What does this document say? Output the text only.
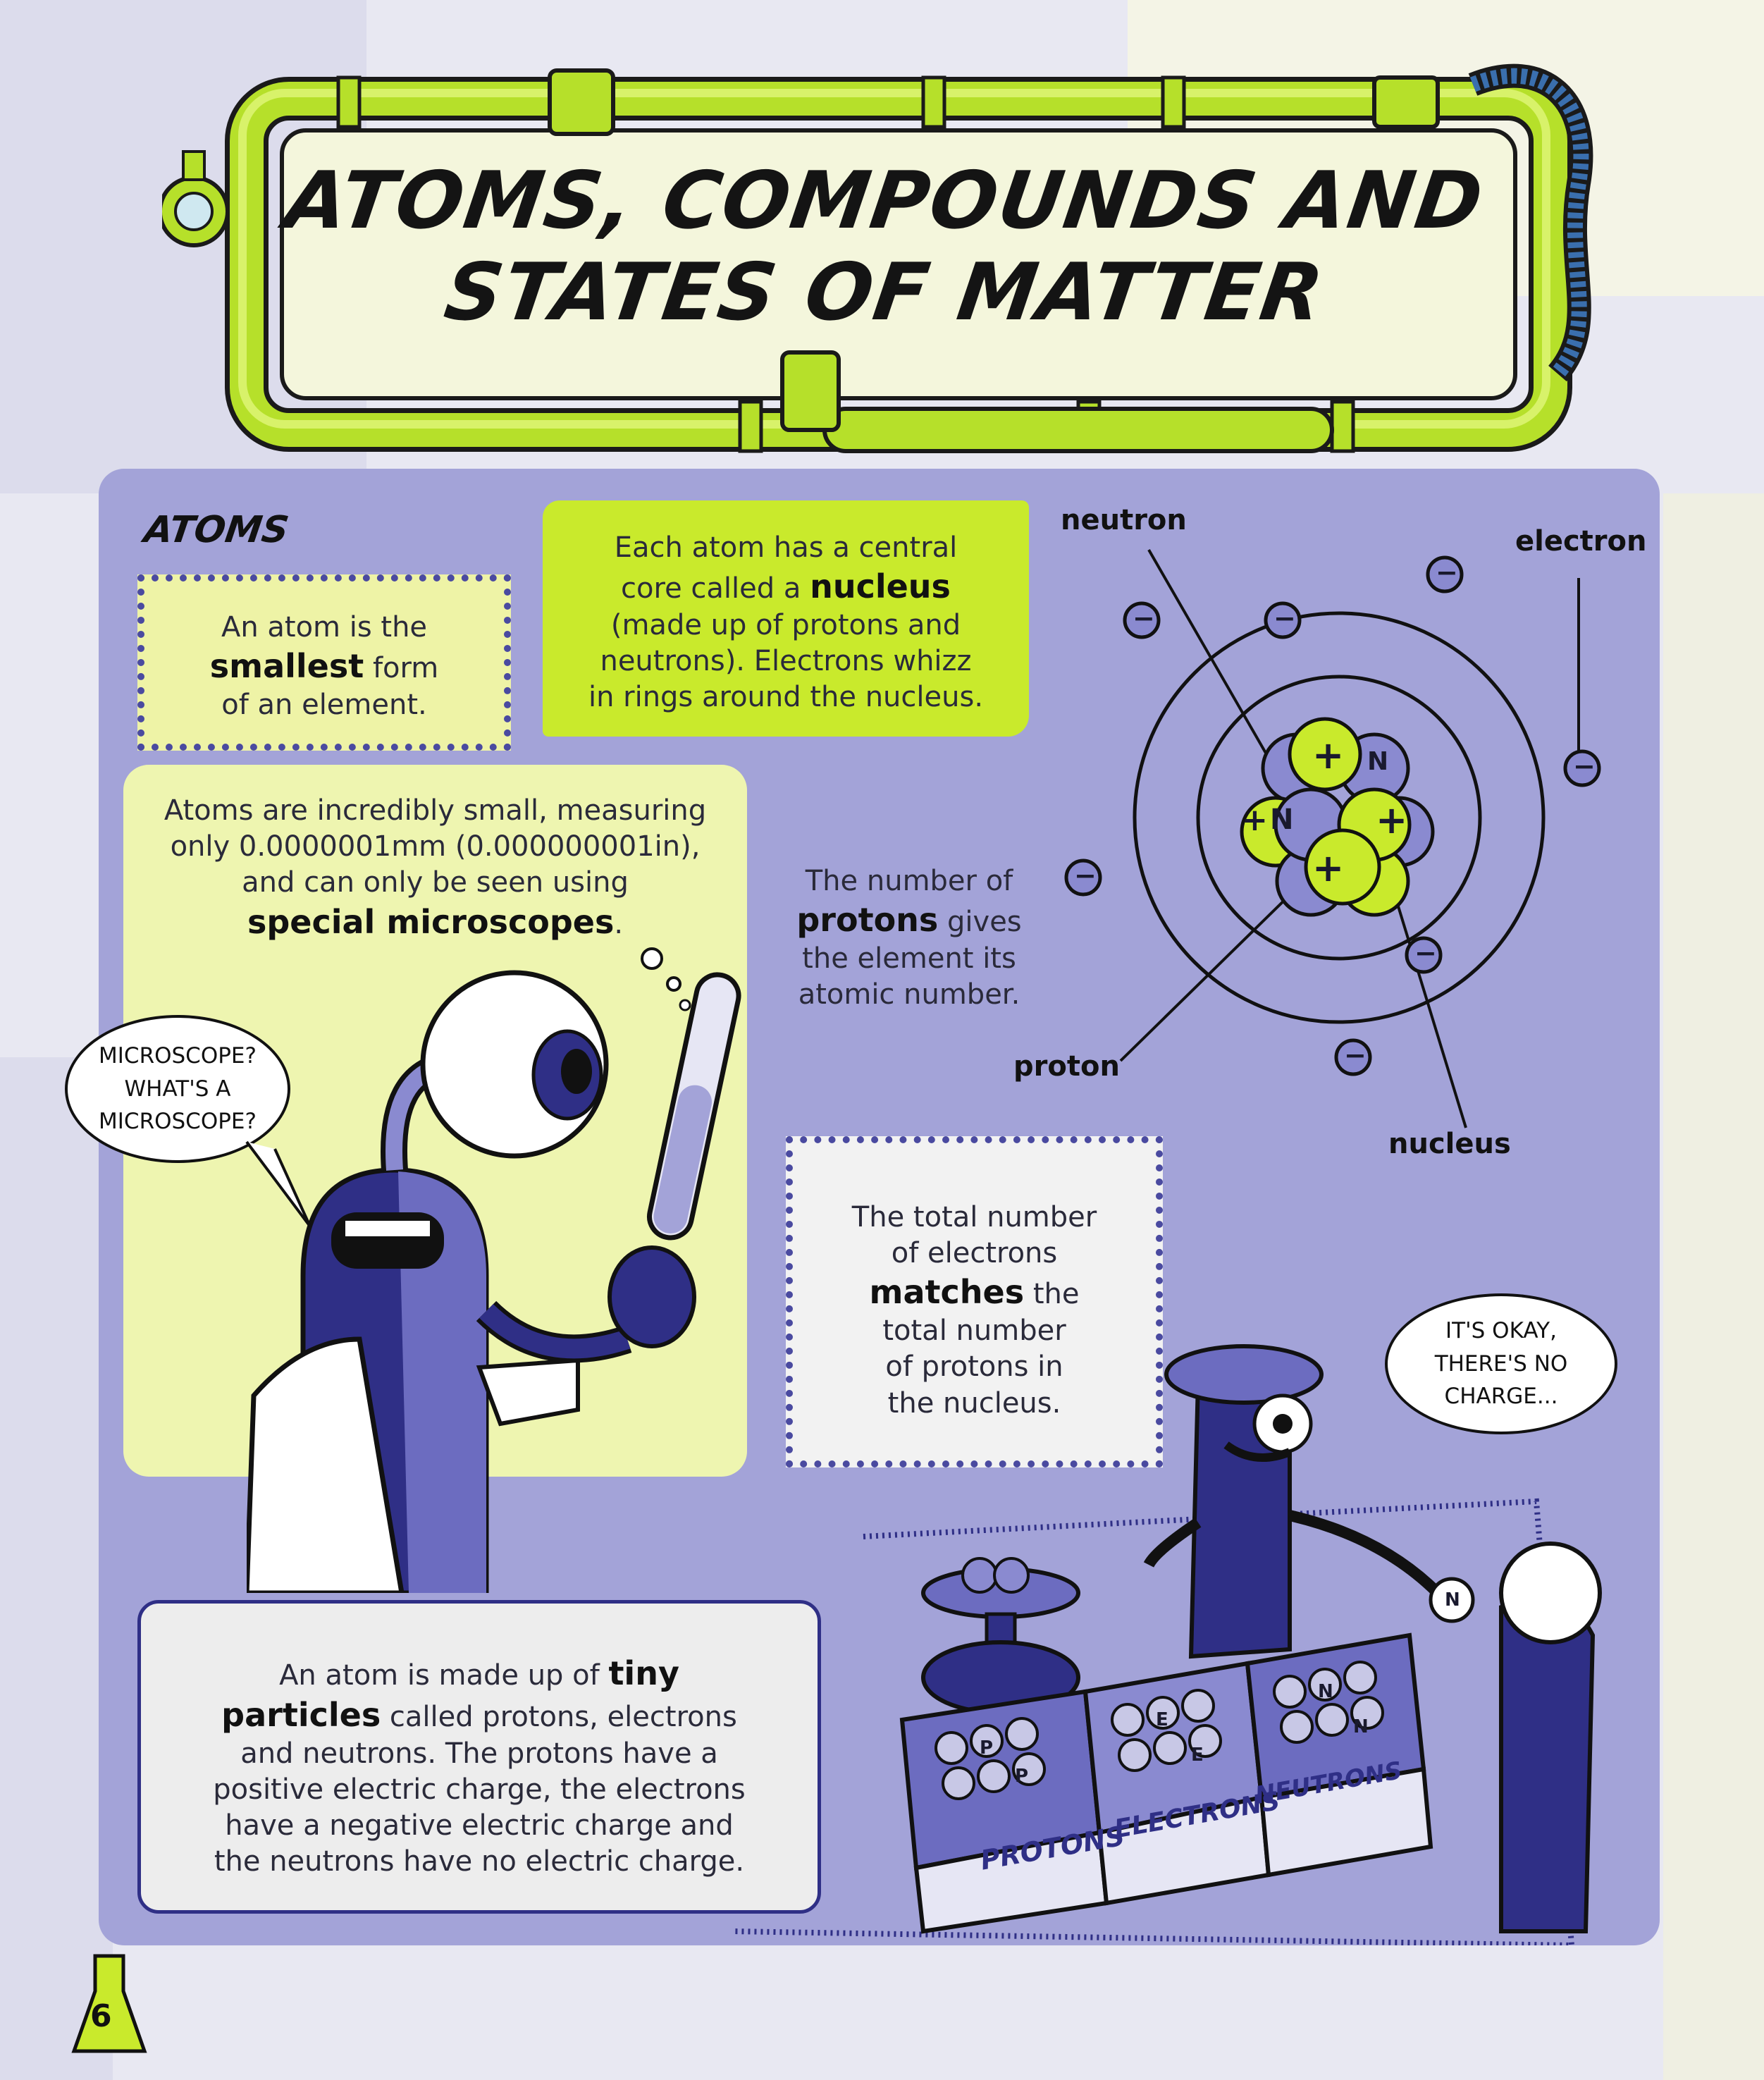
ATOMS, COMPOUNDS AND
STATES OF MATTER
ATOMS
An atom is the
smallest form
of an element.
Each atom has a central
core called a nucleus
(made up of protons and
neutrons). Electrons whizz
in rings around the nucleus.
Atoms are incredibly small, measuring
only 0.0000001mm (0.000000001in),
and can only be seen using
special microscopes.
MICROSCOPE?
WHAT'S A
MICROSCOPE?
The number of
protons gives
the element its
atomic number.
+
+
+
+ N
N
−	−
−
−
−
−
−
neutron
electron
proton
nucleus
The total number
of electrons
matches the
total number
of protons in
the nucleus.
An atom is made up of tiny
particles called protons, electrons
and neutrons. The protons have a
positive electric charge, the electrons
have a negative electric charge and
the neutrons have no electric charge.	PROTONS
ELECTRONS
NEUTRONS
P
P
E
E
N
N
N
IT'S OKAY,
THERE'S NO
CHARGE...
6
